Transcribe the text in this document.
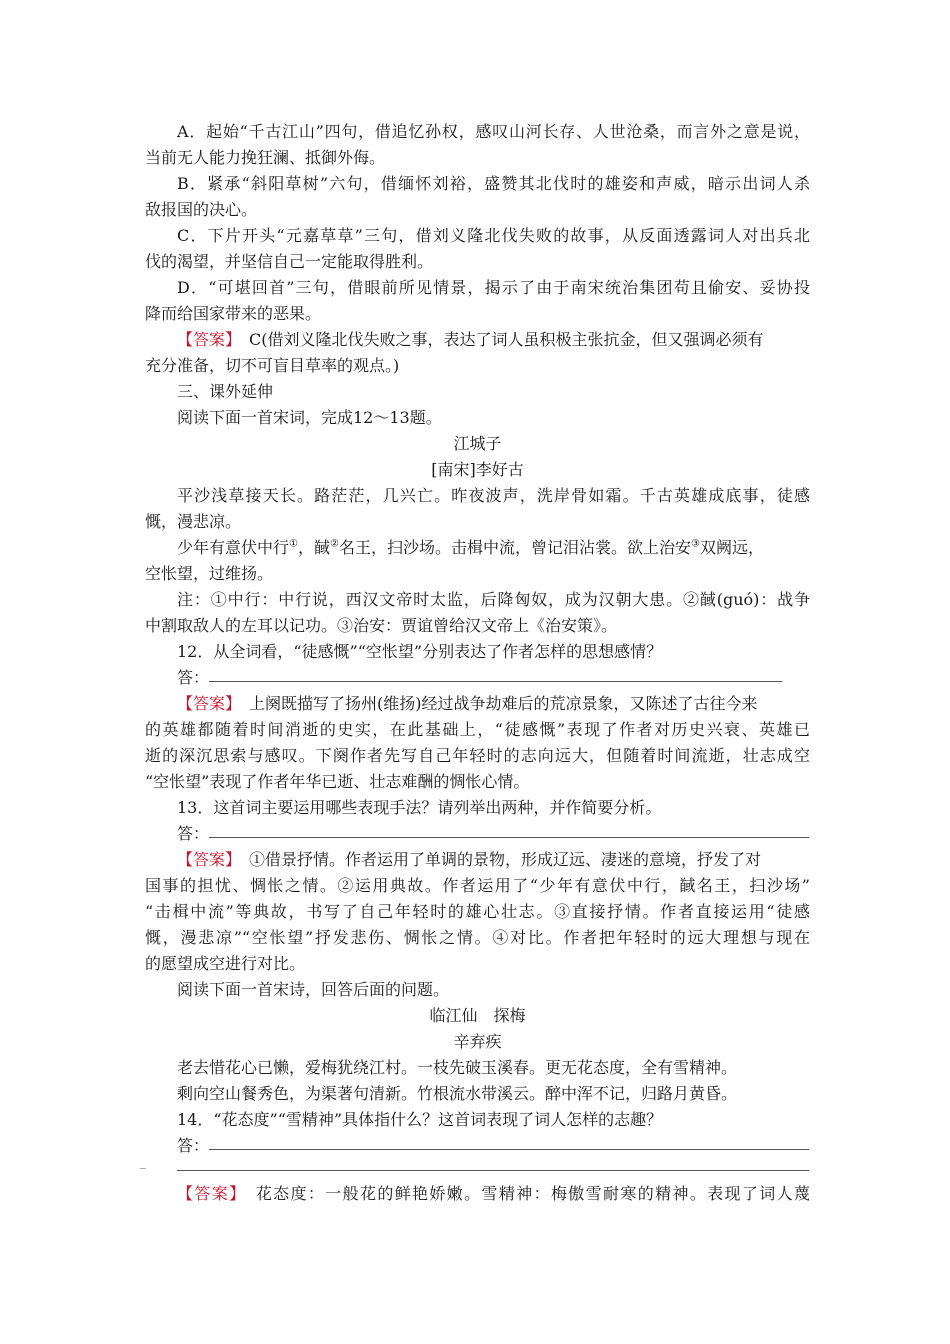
A．起始“千古江山”四句，借追忆孙权，感叹山河长存、人世沧桑，而言外之意是说，
当前无人能力挽狂澜、抵御外侮。
B．紧承“斜阳草树”六句，借缅怀刘裕，盛赞其北伐时的雄姿和声威，暗示出词人杀
敌报国的决心。
C．下片开头“元嘉草草”三句，借刘义隆北伐失败的故事，从反面透露词人对出兵北
伐的渴望，并坚信自己一定能取得胜利。
D．“可堪回首”三句，借眼前所见情景，揭示了由于南宋统治集团苟且偷安、妥协投
降而给国家带来的恶果。
【答案】　C(借刘义隆北伐失败之事，表达了词人虽积极主张抗金，但又强调必须有
充分准备，切不可盲目草率的观点。)
三、课外延伸
阅读下面一首宋词，完成12～13题。
江城子
[南宋]李好古
平沙浅草接天长。路茫茫，几兴亡。昨夜波声，洗岸骨如霜。千古英雄成底事，徒感
慨，漫悲凉。
少年有意伏中行①，馘②名王，扫沙场。击楫中流，曾记泪沾裳。欲上治安③双阙远，
空怅望，过维扬。
注：①中行：中行说，西汉文帝时太监，后降匈奴，成为汉朝大患。②馘(guó)：战争
中割取敌人的左耳以记功。③治安：贾谊曾给汉文帝上《治安策》。
12．从全词看，“徒感慨”“空怅望”分别表达了作者怎样的思想感情？
答：
【答案】　上阕既描写了扬州(维扬)经过战争劫难后的荒凉景象，又陈述了古往今来
的英雄都随着时间消逝的史实，在此基础上，“徒感慨”表现了作者对历史兴衰、英雄已
逝的深沉思索与感叹。下阕作者先写自己年轻时的志向远大，但随着时间流逝，壮志成空
“空怅望”表现了作者年华已逝、壮志难酬的惆怅心情。
13．这首词主要运用哪些表现手法？请列举出两种，并作简要分析。
答：
【答案】　①借景抒情。作者运用了单调的景物，形成辽远、凄迷的意境，抒发了对
国事的担忧、惆怅之情。②运用典故。作者运用了“少年有意伏中行，馘名王，扫沙场”
“击楫中流”等典故，书写了自己年轻时的雄心壮志。③直接抒情。作者直接运用“徒感
慨，漫悲凉”“空怅望”抒发悲伤、惆怅之情。④对比。作者把年轻时的远大理想与现在
的愿望成空进行对比。
阅读下面一首宋诗，回答后面的问题。
临江仙　探梅
辛弃疾
老去惜花心已懒，爱梅犹绕江村。一枝先破玉溪春。更无花态度，全有雪精神。
剩向空山餐秀色，为渠著句清新。竹根流水带溪云。醉中浑不记，归路月黄昏。
14．“花态度”“雪精神”具体指什么？这首词表现了词人怎样的志趣？
答：
_
【答案】　花态度：一般花的鲜艳娇嫩。雪精神：梅傲雪耐寒的精神。表现了词人蔑
